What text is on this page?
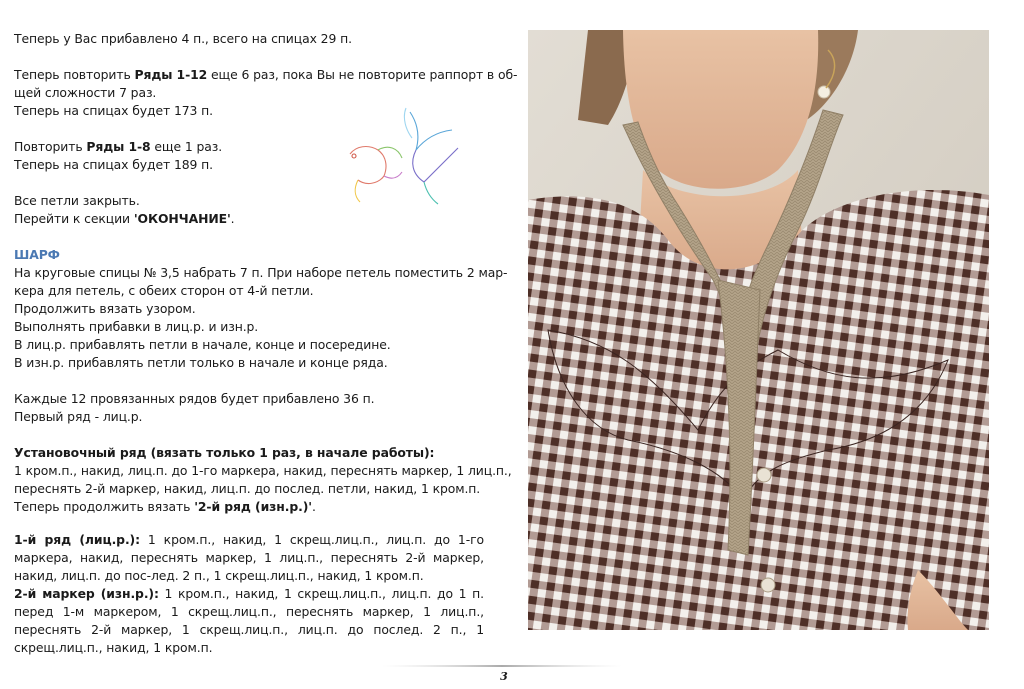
Теперь у Вас прибавлено 4 п., всего на спицах 29 п.
Теперь повторить Ряды 1-12 еще 6 раз, пока Вы не повторите раппорт в об-
щей сложности 7 раз.
Теперь на спицах будет 173 п.
Повторить Ряды 1-8 еще 1 раз.
Теперь на спицах будет 189 п.
Все петли закрыть.
Перейти к секции 'ОКОНЧАНИЕ'.
ШАРФ
На круговые спицы № 3,5 набрать 7 п. При наборе петель поместить 2 мар-
кера для петель, с обеих сторон от 4-й петли.
Продолжить вязать узором.
Выполнять прибавки в лиц.р. и изн.р.
В лиц.р. прибавлять петли в начале, конце и посередине.
В изн.р. прибавлять петли только в начале и конце ряда.
Каждые 12 провязанных рядов будет прибавлено 36 п.
Первый ряд - лиц.р.
Установочный ряд (вязать только 1 раз, в начале работы):
1 кром.п., накид, лиц.п. до 1-го маркера, накид, переснять маркер, 1 лиц.п.,
переснять 2-й маркер, накид, лиц.п. до послед. петли, накид, 1 кром.п.
Теперь продолжить вязать '2-й ряд (изн.р.)'.
1-й ряд (лиц.р.): 1 кром.п., накид, 1 скрещ.лиц.п., лиц.п. до 1-го маркера, накид, переснять маркер, 1 лиц.п., переснять 2-й маркер, накид, лиц.п. до пос-лед. 2 п., 1 скрещ.лиц.п., накид, 1 кром.п.
2-й маркер (изн.р.): 1 кром.п., накид, 1 скрещ.лиц.п., лиц.п. до 1 п. перед 1-м маркером, 1 скрещ.лиц.п., переснять маркер, 1 лиц.п., переснять 2-й маркер, 1 скрещ.лиц.п., лиц.п. до послед. 2 п., 1 скрещ.лиц.п., накид, 1 кром.п.
3
